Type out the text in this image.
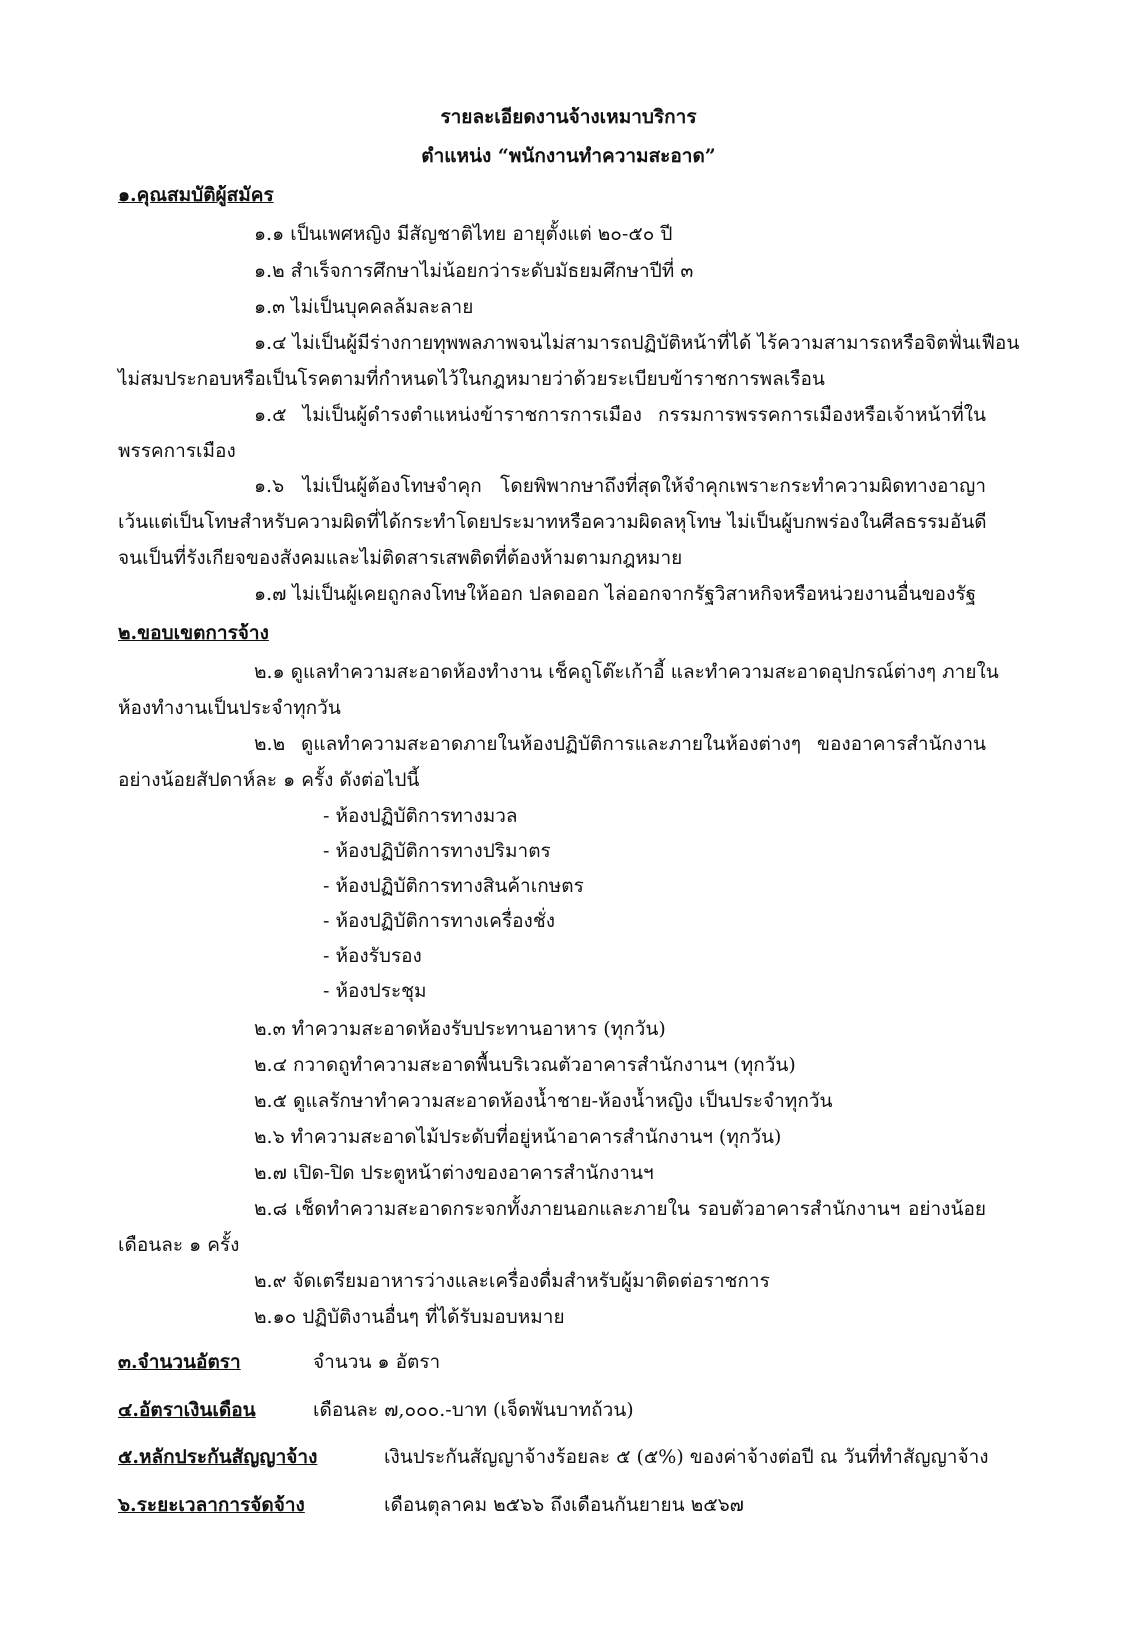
รายละเอียดงานจ้างเหมาบริการ
ตำแหน่ง “พนักงานทำความสะอาด”
๑.คุณสมบัติผู้สมัคร
๑.๑ เป็นเพศหญิง มีสัญชาติไทย อายุตั้งแต่ ๒๐-๕๐ ปี
๑.๒ สำเร็จการศึกษาไม่น้อยกว่าระดับมัธยมศึกษาปีที่ ๓
๑.๓ ไม่เป็นบุคคลล้มละลาย
๑.๔ ไม่เป็นผู้มีร่างกายทุพพลภาพจนไม่สามารถปฏิบัติหน้าที่ได้ ไร้ความสามารถหรือจิตฟั่นเฟือน
ไม่สมประกอบหรือเป็นโรคตามที่กำหนดไว้ในกฎหมายว่าด้วยระเบียบข้าราชการพลเรือน
๑.๕ ไม่เป็นผู้ดำรงตำแหน่งข้าราชการการเมือง กรรมการพรรคการเมืองหรือเจ้าหน้าที่ใน
พรรคการเมือง
๑.๖ ไม่เป็นผู้ต้องโทษจำคุก โดยพิพากษาถึงที่สุดให้จำคุกเพราะกระทำความผิดทางอาญา
เว้นแต่เป็นโทษสำหรับความผิดที่ได้กระทำโดยประมาทหรือความผิดลหุโทษ ไม่เป็นผู้บกพร่องในศีลธรรมอันดี
จนเป็นที่รังเกียจของสังคมและไม่ติดสารเสพติดที่ต้องห้ามตามกฎหมาย
๑.๗ ไม่เป็นผู้เคยถูกลงโทษให้ออก ปลดออก ไล่ออกจากรัฐวิสาหกิจหรือหน่วยงานอื่นของรัฐ
๒.ขอบเขตการจ้าง
๒.๑ ดูแลทำความสะอาดห้องทำงาน เช็คถูโต๊ะเก้าอี้ และทำความสะอาดอุปกรณ์ต่างๆ ภายใน
ห้องทำงานเป็นประจำทุกวัน
๒.๒ ดูแลทำความสะอาดภายในห้องปฏิบัติการและภายในห้องต่างๆ ของอาคารสำนักงาน
อย่างน้อยสัปดาห์ละ ๑ ครั้ง ดังต่อไปนี้
- ห้องปฏิบัติการทางมวล
- ห้องปฏิบัติการทางปริมาตร
- ห้องปฏิบัติการทางสินค้าเกษตร
- ห้องปฏิบัติการทางเครื่องชั่ง
- ห้องรับรอง
- ห้องประชุม
๒.๓ ทำความสะอาดห้องรับประทานอาหาร (ทุกวัน)
๒.๔ กวาดถูทำความสะอาดพื้นบริเวณตัวอาคารสำนักงานฯ (ทุกวัน)
๒.๕ ดูแลรักษาทำความสะอาดห้องน้ำชาย-ห้องน้ำหญิง เป็นประจำทุกวัน
๒.๖ ทำความสะอาดไม้ประดับที่อยู่หน้าอาคารสำนักงานฯ (ทุกวัน)
๒.๗ เปิด-ปิด ประตูหน้าต่างของอาคารสำนักงานฯ
๒.๘ เช็ดทำความสะอาดกระจกทั้งภายนอกและภายใน รอบตัวอาคารสำนักงานฯ อย่างน้อย
เดือนละ ๑ ครั้ง
๒.๙ จัดเตรียมอาหารว่างและเครื่องดื่มสำหรับผู้มาติดต่อราชการ
๒.๑๐ ปฏิบัติงานอื่นๆ ที่ได้รับมอบหมาย
๓.จำนวนอัตรา	จำนวน ๑ อัตรา
๔.อัตราเงินเดือน	เดือนละ ๗,๐๐๐.-บาท (เจ็ดพันบาทถ้วน)
๕.หลักประกันสัญญาจ้าง	เงินประกันสัญญาจ้างร้อยละ ๕ (๕%) ของค่าจ้างต่อปี ณ วันที่ทำสัญญาจ้าง
๖.ระยะเวลาการจัดจ้าง	เดือนตุลาคม ๒๕๖๖ ถึงเดือนกันยายน ๒๕๖๗
